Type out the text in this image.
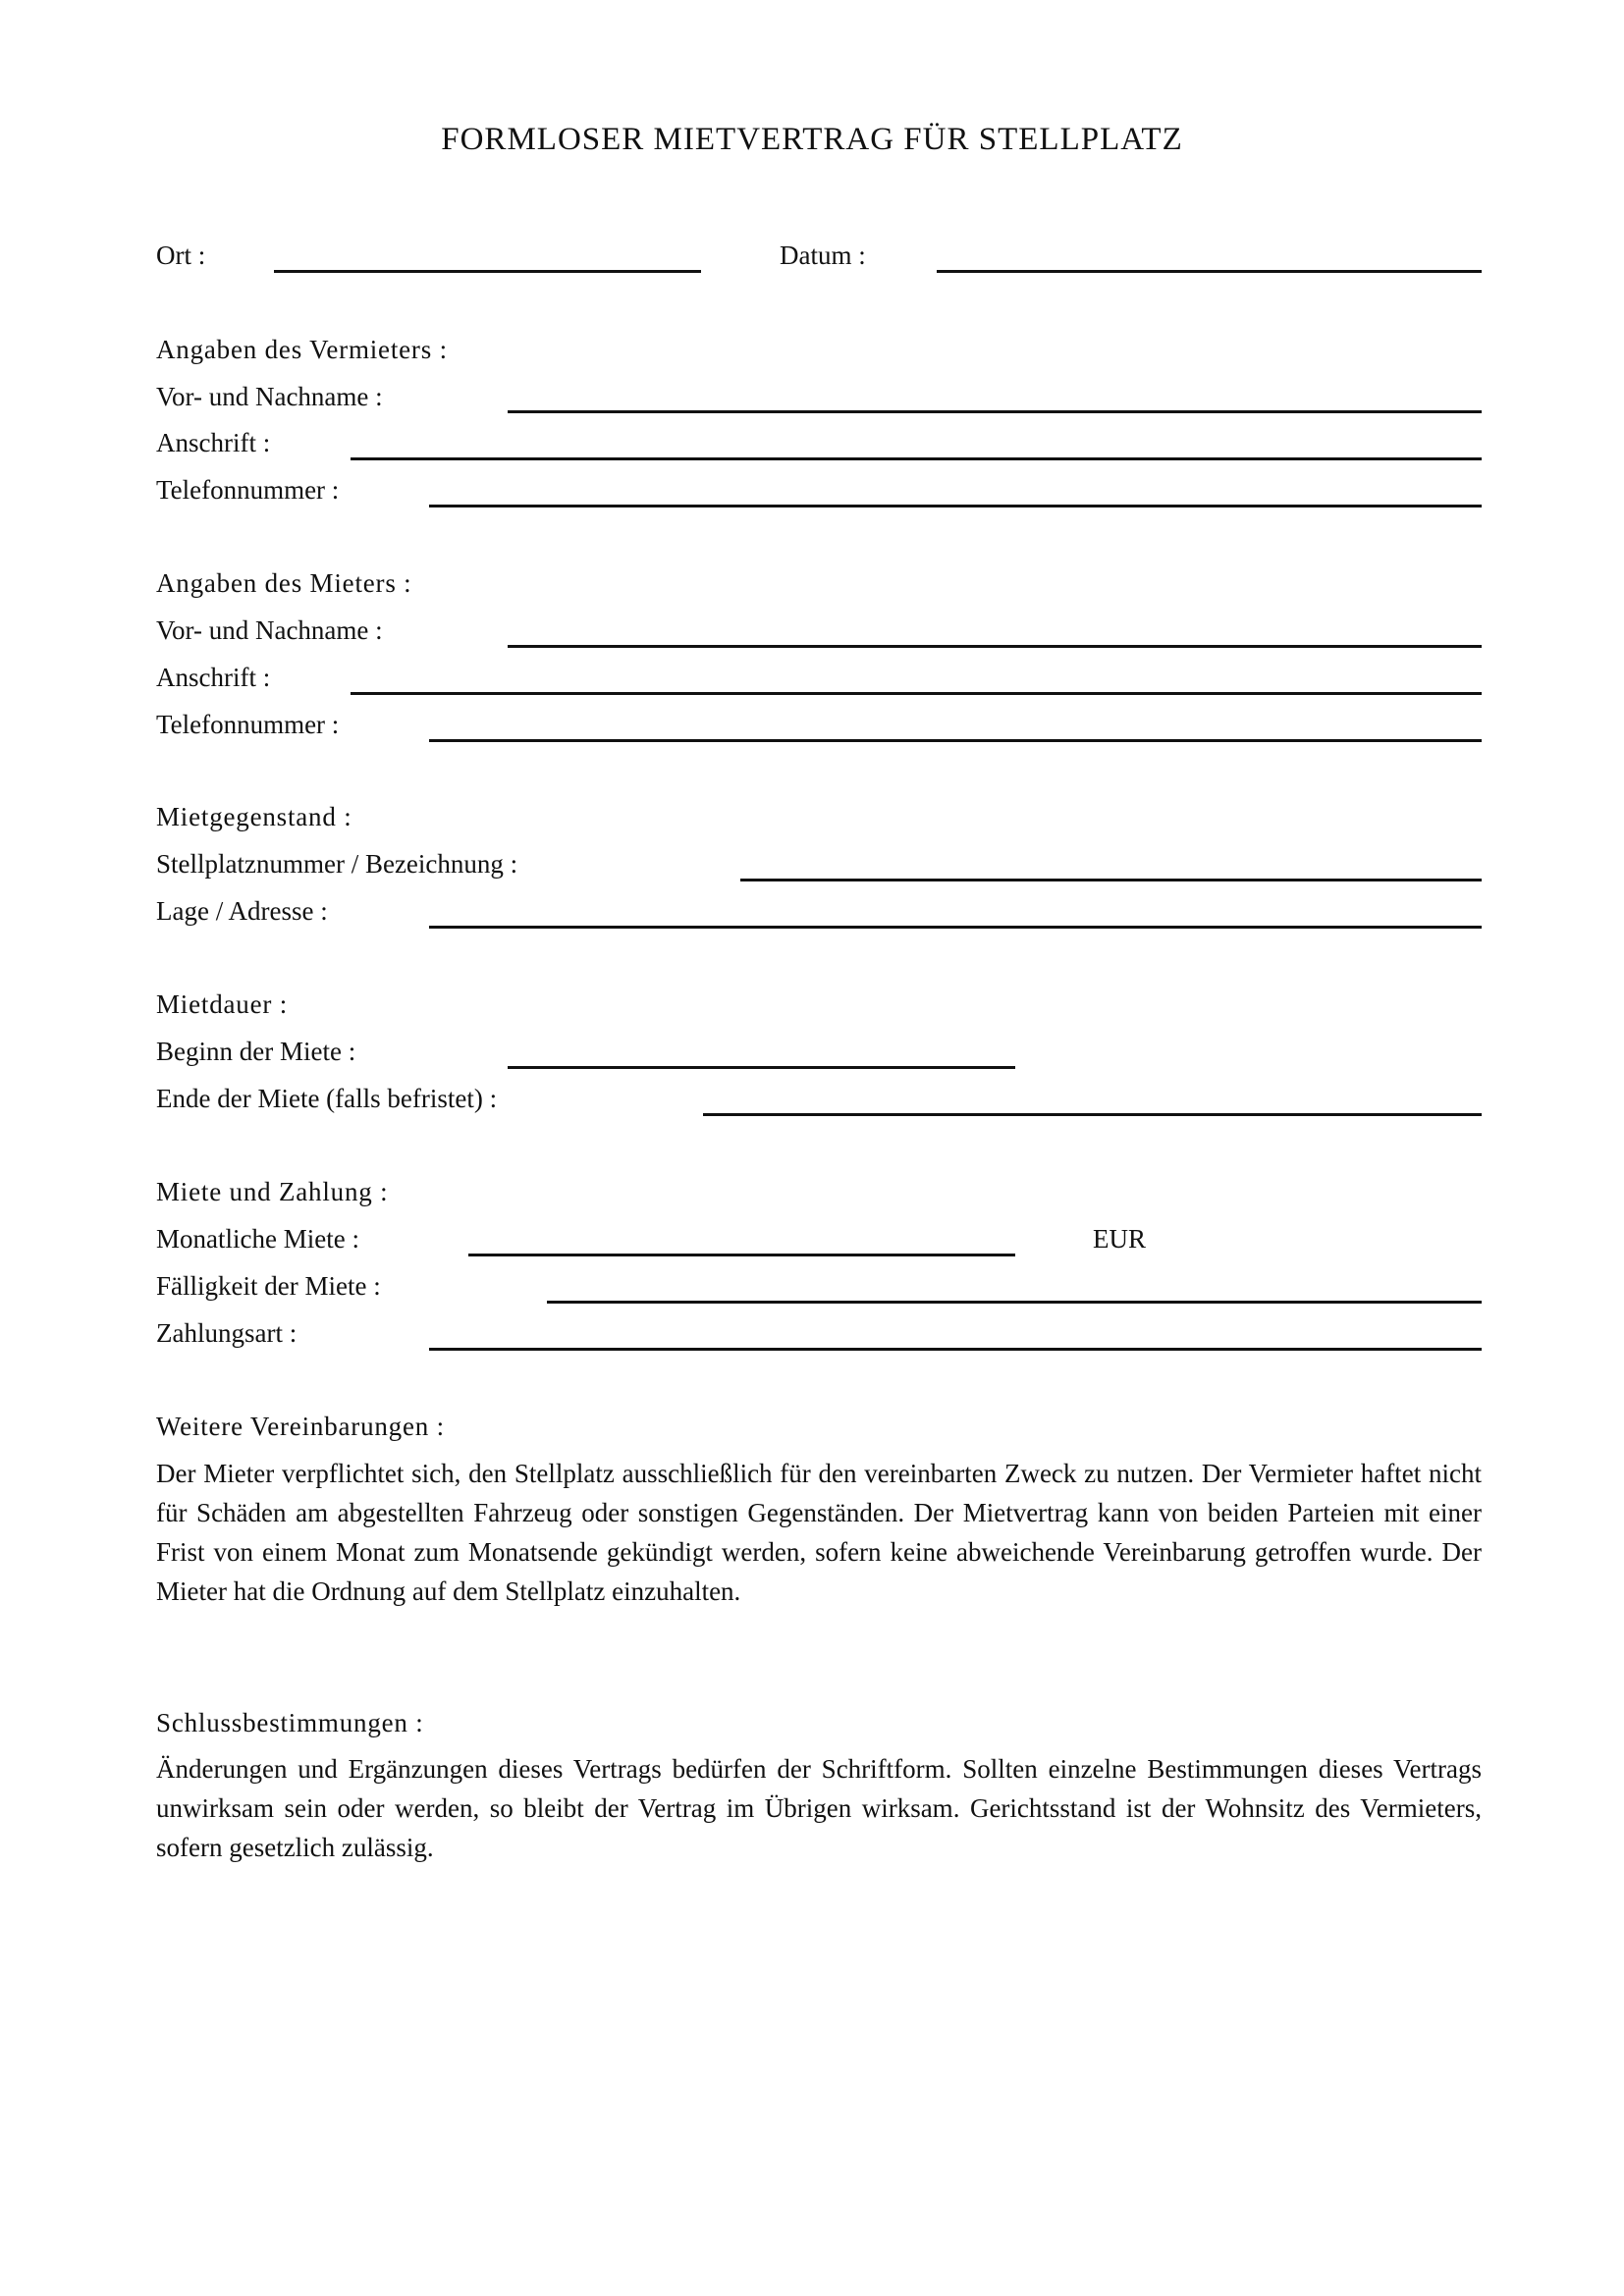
FORMLOSER MIETVERTRAG FÜR STELLPLATZ
Ort :	Datum :
Angaben des Vermieters :
Vor- und Nachname :
Anschrift :
Telefonnummer :
Angaben des Mieters :
Vor- und Nachname :
Anschrift :
Telefonnummer :
Mietgegenstand :
Stellplatznummer / Bezeichnung :
Lage / Adresse :
Mietdauer :
Beginn der Miete :
Ende der Miete (falls befristet) :
Miete und Zahlung :
Monatliche Miete :	EUR
Fälligkeit der Miete :
Zahlungsart :
Weitere Vereinbarungen :
Der Mieter verpflichtet sich, den Stellplatz ausschließlich für den vereinbarten Zweck zu nutzen. Der Vermieter haftet nicht für Schäden am abgestellten Fahrzeug oder sonstigen Gegenständen. Der Mietvertrag kann von beiden Parteien mit einer Frist von einem Monat zum Monatsende gekündigt werden, sofern keine abweichende Vereinbarung getroffen wurde. Der Mieter hat die Ordnung auf dem Stellplatz einzuhalten.
Schlussbestimmungen :
Änderungen und Ergänzungen dieses Vertrags bedürfen der Schriftform. Sollten einzelne Bestimmungen dieses Vertrags unwirksam sein oder werden, so bleibt der Vertrag im Übrigen wirksam. Gerichtsstand ist der Wohnsitz des Vermieters, sofern gesetzlich zulässig.
